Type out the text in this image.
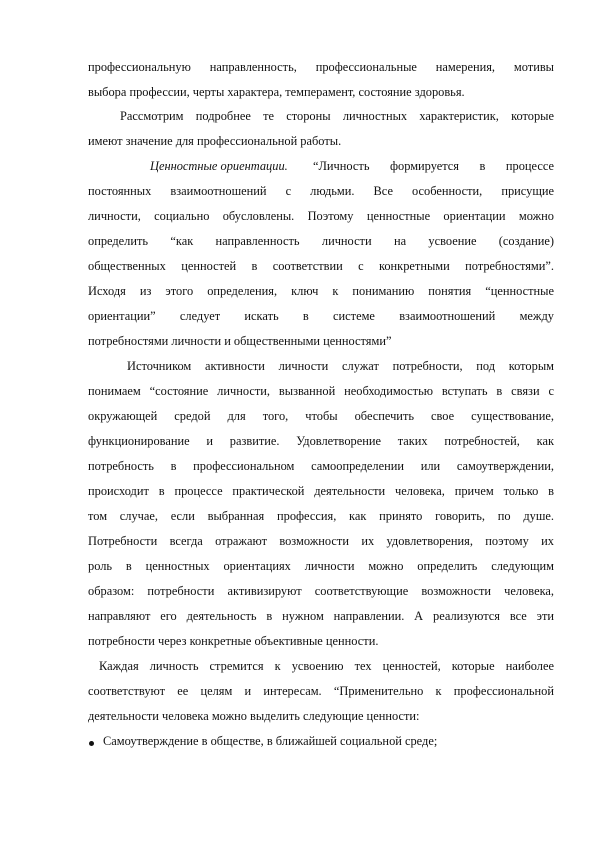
профессиональную направленность, профессиональные намерения, мотивы
выбора профессии, черты характера, темперамент, состояние здоровья.
Рассмотрим подробнее те стороны личностных характеристик, которые
имеют значение для профессиональной работы.
Ценностные ориентации.	“Личность формируется в процессе
постоянных взаимоотношений с людьми. Все особенности, присущие
личности, социально обусловлены. Поэтому ценностные ориентации можно
определить “как направленность личности на усвоение (создание)
общественных ценностей в соответствии с конкретными потребностями”.
Исходя из этого определения, ключ к пониманию понятия “ценностные
ориентации” следует искать в системе взаимоотношений между
потребностями личности и общественными ценностями”
Источником активности личности служат потребности, под которым
понимаем “состояние личности, вызванной необходимостью вступать в связи с
окружающей средой для того, чтобы обеспечить свое существование,
функционирование и развитие. Удовлетворение таких потребностей, как
потребность в профессиональном самоопределении или самоутверждении,
происходит в процессе практической деятельности человека, причем только в
том случае, если выбранная профессия, как принято говорить, по душе.
Потребности всегда отражают возможности их удовлетворения, поэтому их
роль в ценностных ориентациях личности можно определить следующим
образом: потребности активизируют соответствующие возможности человека,
направляют его деятельность в нужном направлении. А реализуются все эти
потребности через конкретные объективные ценности.
Каждая личность стремится к усвоению тех ценностей, которые наиболее
соответствуют ее целям и интересам. “Применительно к профессиональной
деятельности человека можно выделить следующие ценности:
Самоутверждение в обществе, в ближайшей социальной среде;
